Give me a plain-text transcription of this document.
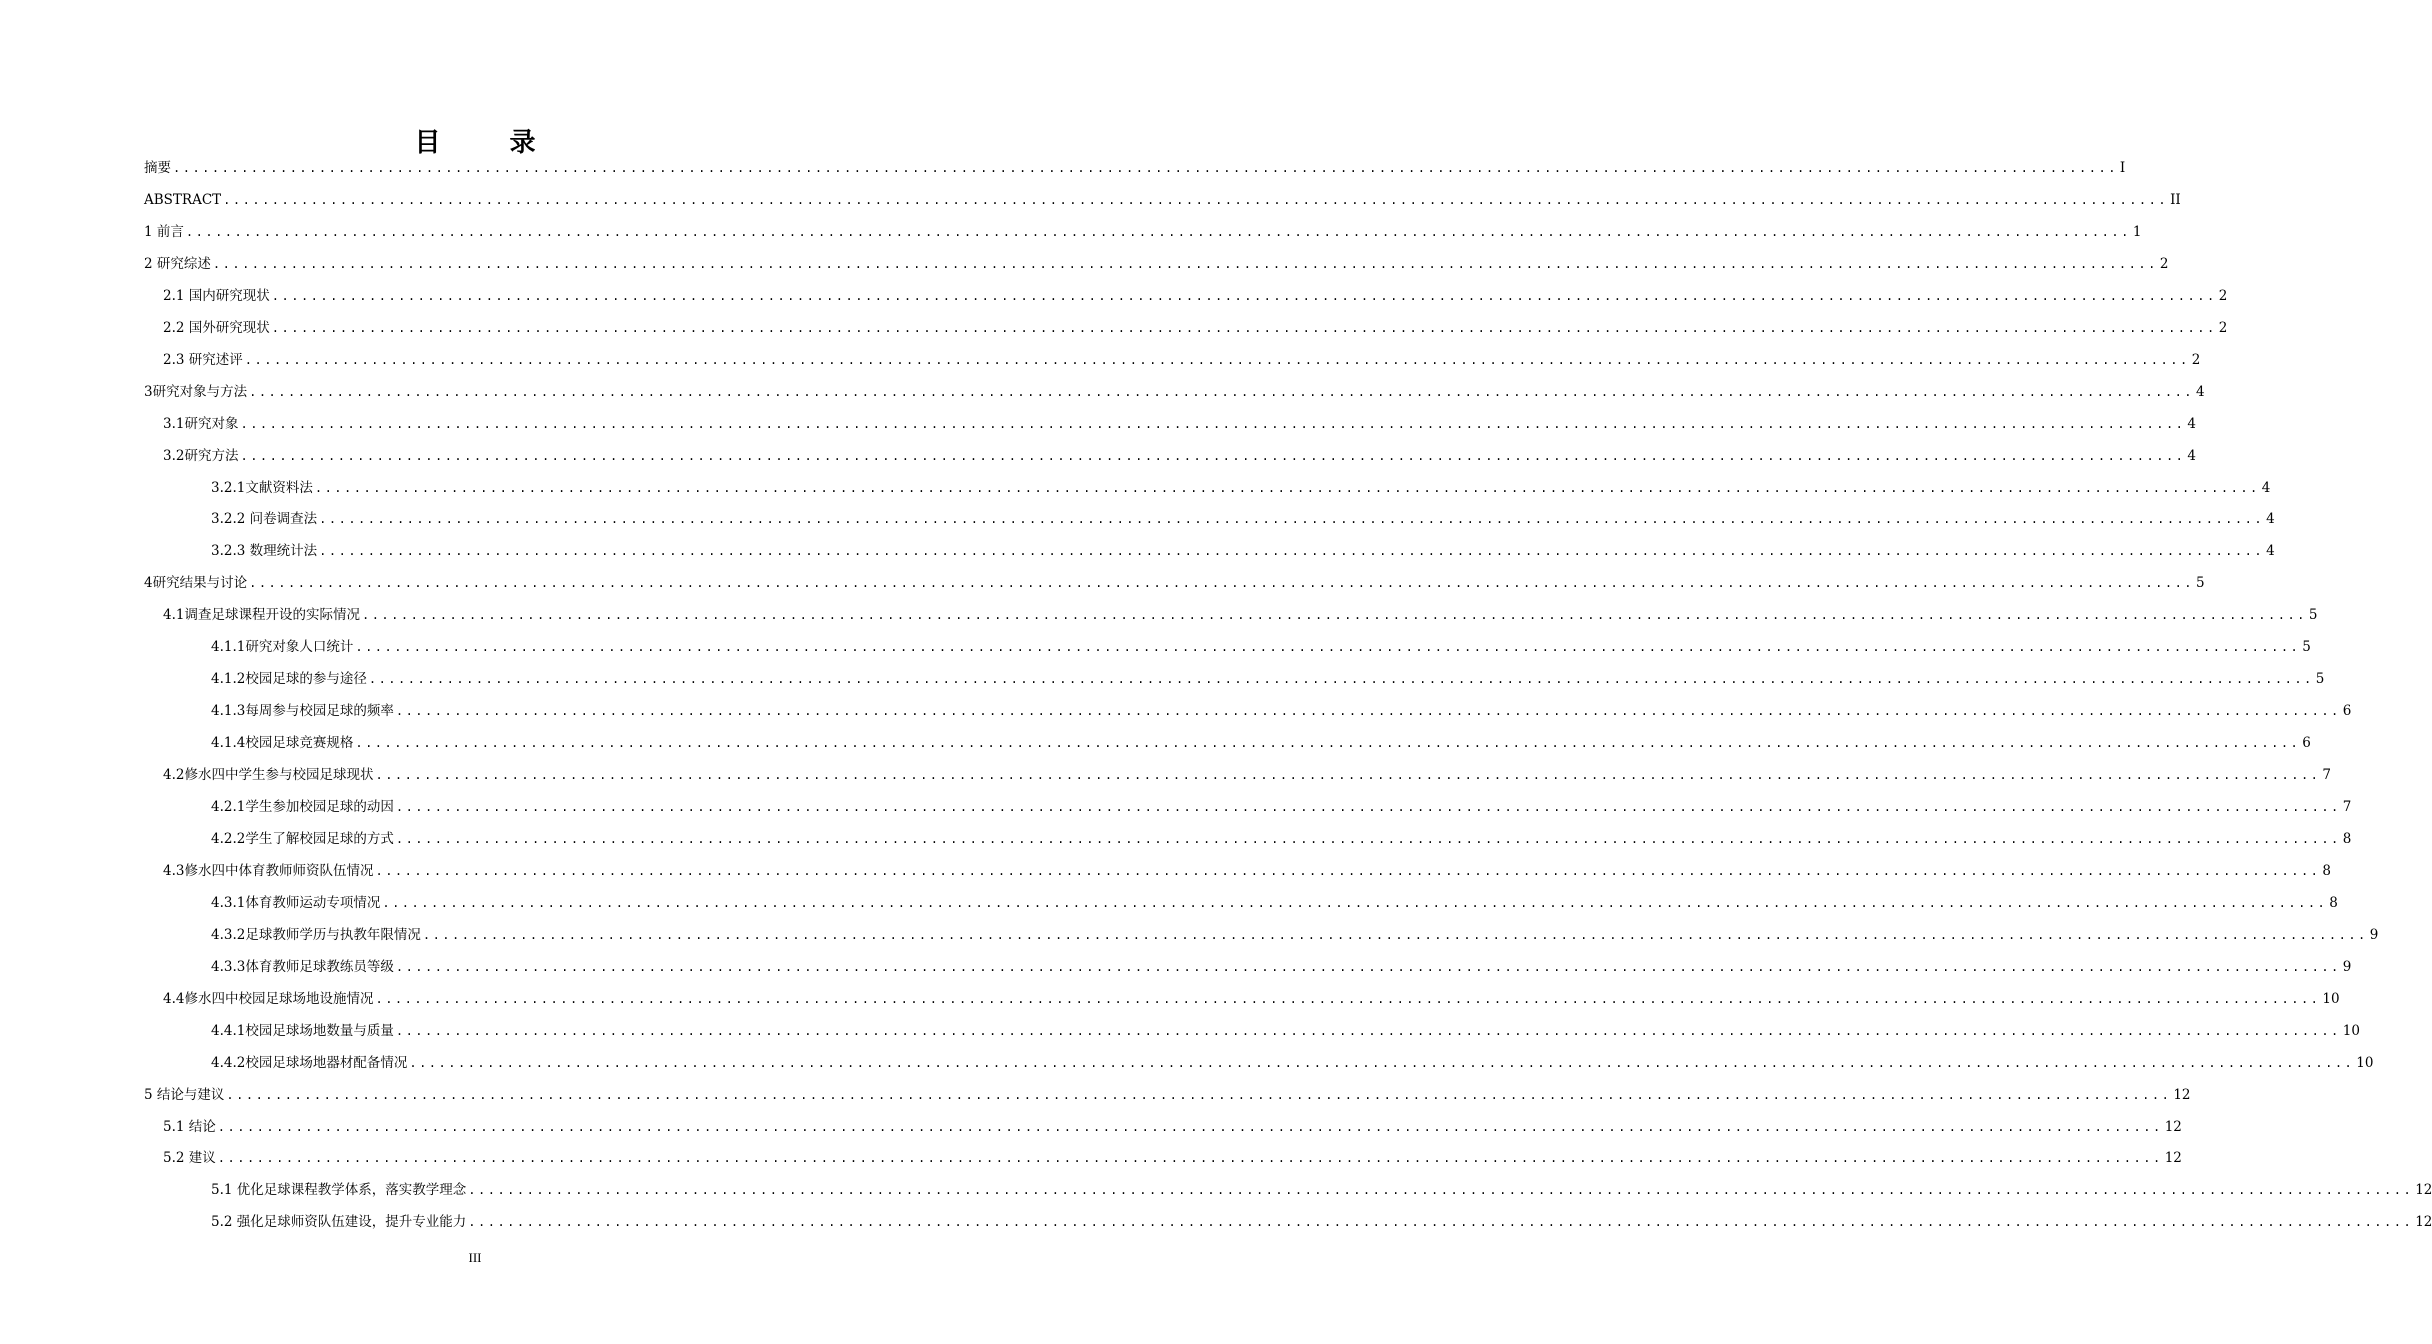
目 录
摘要 ........................................................................................................................................................................................................ I
ABSTRACT ........................................................................................................................................................................................................ II
1 前言 ........................................................................................................................................................................................................ 1
2 研究综述 ........................................................................................................................................................................................................ 2
2.1 国内研究现状 ........................................................................................................................................................................................................ 2
2.2 国外研究现状 ........................................................................................................................................................................................................ 2
2.3 研究述评 ........................................................................................................................................................................................................ 2
3研究对象与方法 ........................................................................................................................................................................................................ 4
3.1研究对象 ........................................................................................................................................................................................................ 4
3.2研究方法 ........................................................................................................................................................................................................ 4
3.2.1文献资料法 ........................................................................................................................................................................................................ 4
3.2.2 问卷调查法 ........................................................................................................................................................................................................ 4
3.2.3 数理统计法 ........................................................................................................................................................................................................ 4
4研究结果与讨论 ........................................................................................................................................................................................................ 5
4.1调查足球课程开设的实际情况 ........................................................................................................................................................................................................ 5
4.1.1研究对象人口统计 ........................................................................................................................................................................................................ 5
4.1.2校园足球的参与途径 ........................................................................................................................................................................................................ 5
4.1.3每周参与校园足球的频率 ........................................................................................................................................................................................................ 6
4.1.4校园足球竞赛规格 ........................................................................................................................................................................................................ 6
4.2修水四中学生参与校园足球现状 ........................................................................................................................................................................................................ 7
4.2.1学生参加校园足球的动因 ........................................................................................................................................................................................................ 7
4.2.2学生了解校园足球的方式 ........................................................................................................................................................................................................ 8
4.3修水四中体育教师师资队伍情况 ........................................................................................................................................................................................................ 8
4.3.1体育教师运动专项情况 ........................................................................................................................................................................................................ 8
4.3.2足球教师学历与执教年限情况 ........................................................................................................................................................................................................ 9
4.3.3体育教师足球教练员等级 ........................................................................................................................................................................................................ 9
4.4修水四中校园足球场地设施情况 ........................................................................................................................................................................................................ 10
4.4.1校园足球场地数量与质量 ........................................................................................................................................................................................................ 10
4.4.2校园足球场地器材配备情况 ........................................................................................................................................................................................................ 10
5 结论与建议 ........................................................................................................................................................................................................ 12
5.1 结论 ........................................................................................................................................................................................................ 12
5.2 建议 ........................................................................................................................................................................................................ 12
5.1 优化足球课程教学体系，落实教学理念 ........................................................................................................................................................................................................ 12
5.2 强化足球师资队伍建设，提升专业能力 ........................................................................................................................................................................................................ 12
III
